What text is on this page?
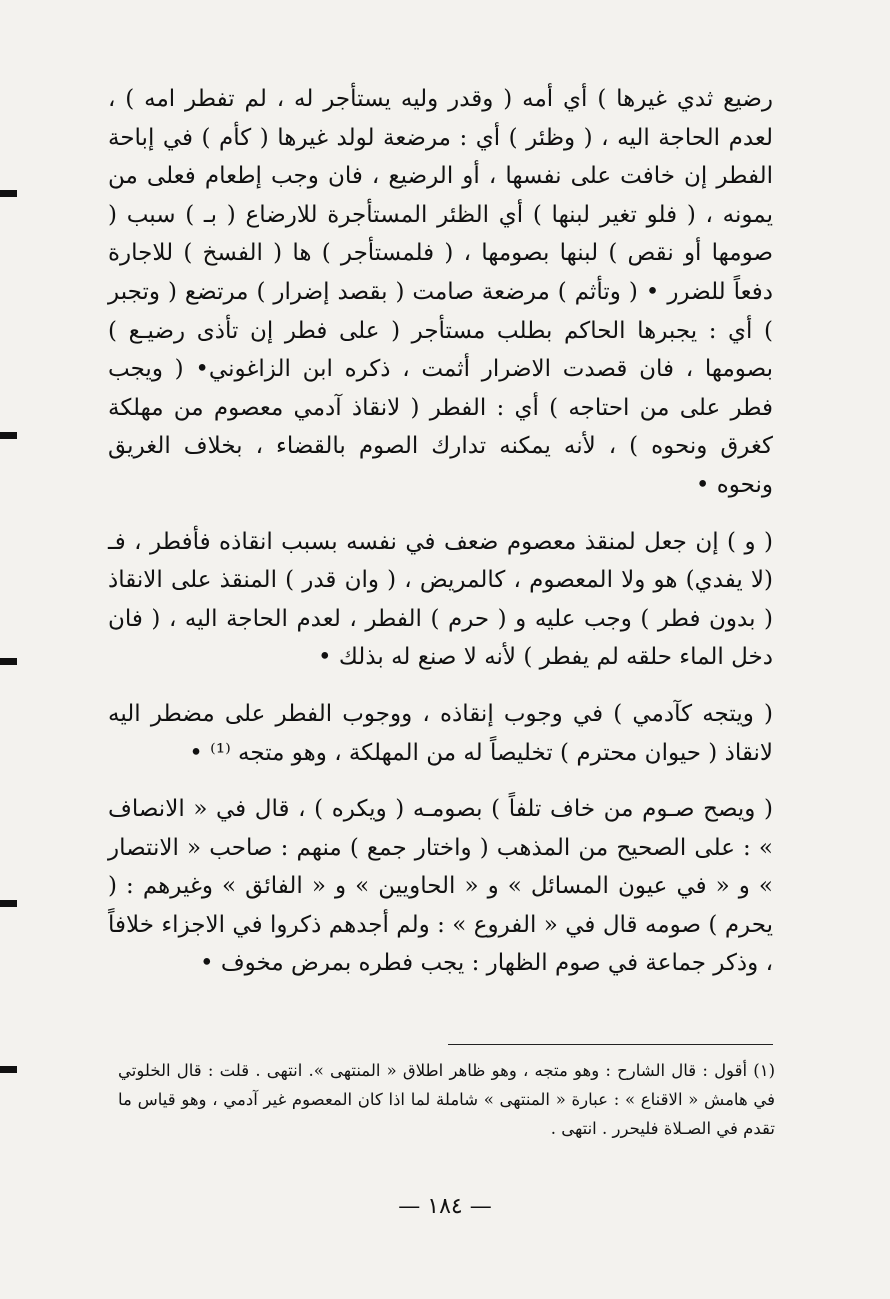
رضيع ثدي غيرها ) أي أمه ( وقدر وليه يستأجر له ، لم تفطر امه ) ، لعدم الحاجة اليه ، ( وظئر ) أي : مرضعة لولد غيرها ( كأم ) في إباحة الفطر إن خافت على نفسها ، أو الرضيع ، فان وجب إطعام فعلى من يمونه ، ( فلو تغير لبنها ) أي الظئر المستأجرة للارضاع ( بـ ) سبب ( صومها أو نقص ) لبنها بصومها ، ( فلمستأجر ) ها ( الفسخ ) للاجارة دفعاً للضرر • ( وتأثم ) مرضعة صامت ( بقصد إضرار ) مرتضع ( وتجبر ) أي : يجبرها الحاكم بطلب مستأجر ( على فطر إن تأذى رضيـع ) بصومها ، فان قصدت الاضرار أثمت ، ذكره ابن الزاغوني• ( ويجب فطر على من احتاجه ) أي : الفطر ( لانقاذ آدمي معصوم من مهلكة كغرق ونحوه ) ، لأنه يمكنه تدارك الصوم بالقضاء ، بخلاف الغريق ونحوه •

( و ) إن جعل لمنقذ معصوم ضعف في نفسه بسبب انقاذه فأفطر ، فـ (لا يفدي) هو ولا المعصوم ، كالمريض ، ( وان قدر ) المنقذ على الانقاذ ( بدون فطر ) وجب عليه و ( حرم ) الفطر ، لعدم الحاجة اليه ، ( فان دخل الماء حلقه لم يفطر ) لأنه لا صنع له بذلك •

( ويتجه كآدمي ) في وجوب إنقاذه ، ووجوب الفطر على مضطر اليه لانقاذ ( حيوان محترم ) تخليصاً له من المهلكة ، وهو متجه ⁽¹⁾ •

( ويصح صـوم من خاف تلفاً ) بصومـه ( ويكره ) ، قال في « الانصاف » : على الصحيح من المذهب ( واختار جمع ) منهم : صاحب « الانتصار » و « في عيون المسائل » و « الحاويين » و « الفائق » وغيرهم : ( يحرم ) صومه قال في « الفروع » : ولم أجدهم ذكروا في الاجزاء خلافاً ، وذكر جماعة في صوم الظهار : يجب فطره بمرض مخوف •

(١) أقول : قال الشارح : وهو متجه ، وهو ظاهر اطلاق « المنتهى ». انتهى . قلت : قال الخلوتي في هامش « الاقناع » : عبارة « المنتهى » شاملة لما اذا كان المعصوم غير آدمي ، وهو قياس ما تقدم في الصـلاة فليحرر . انتهى .

— ١٨٤ —
